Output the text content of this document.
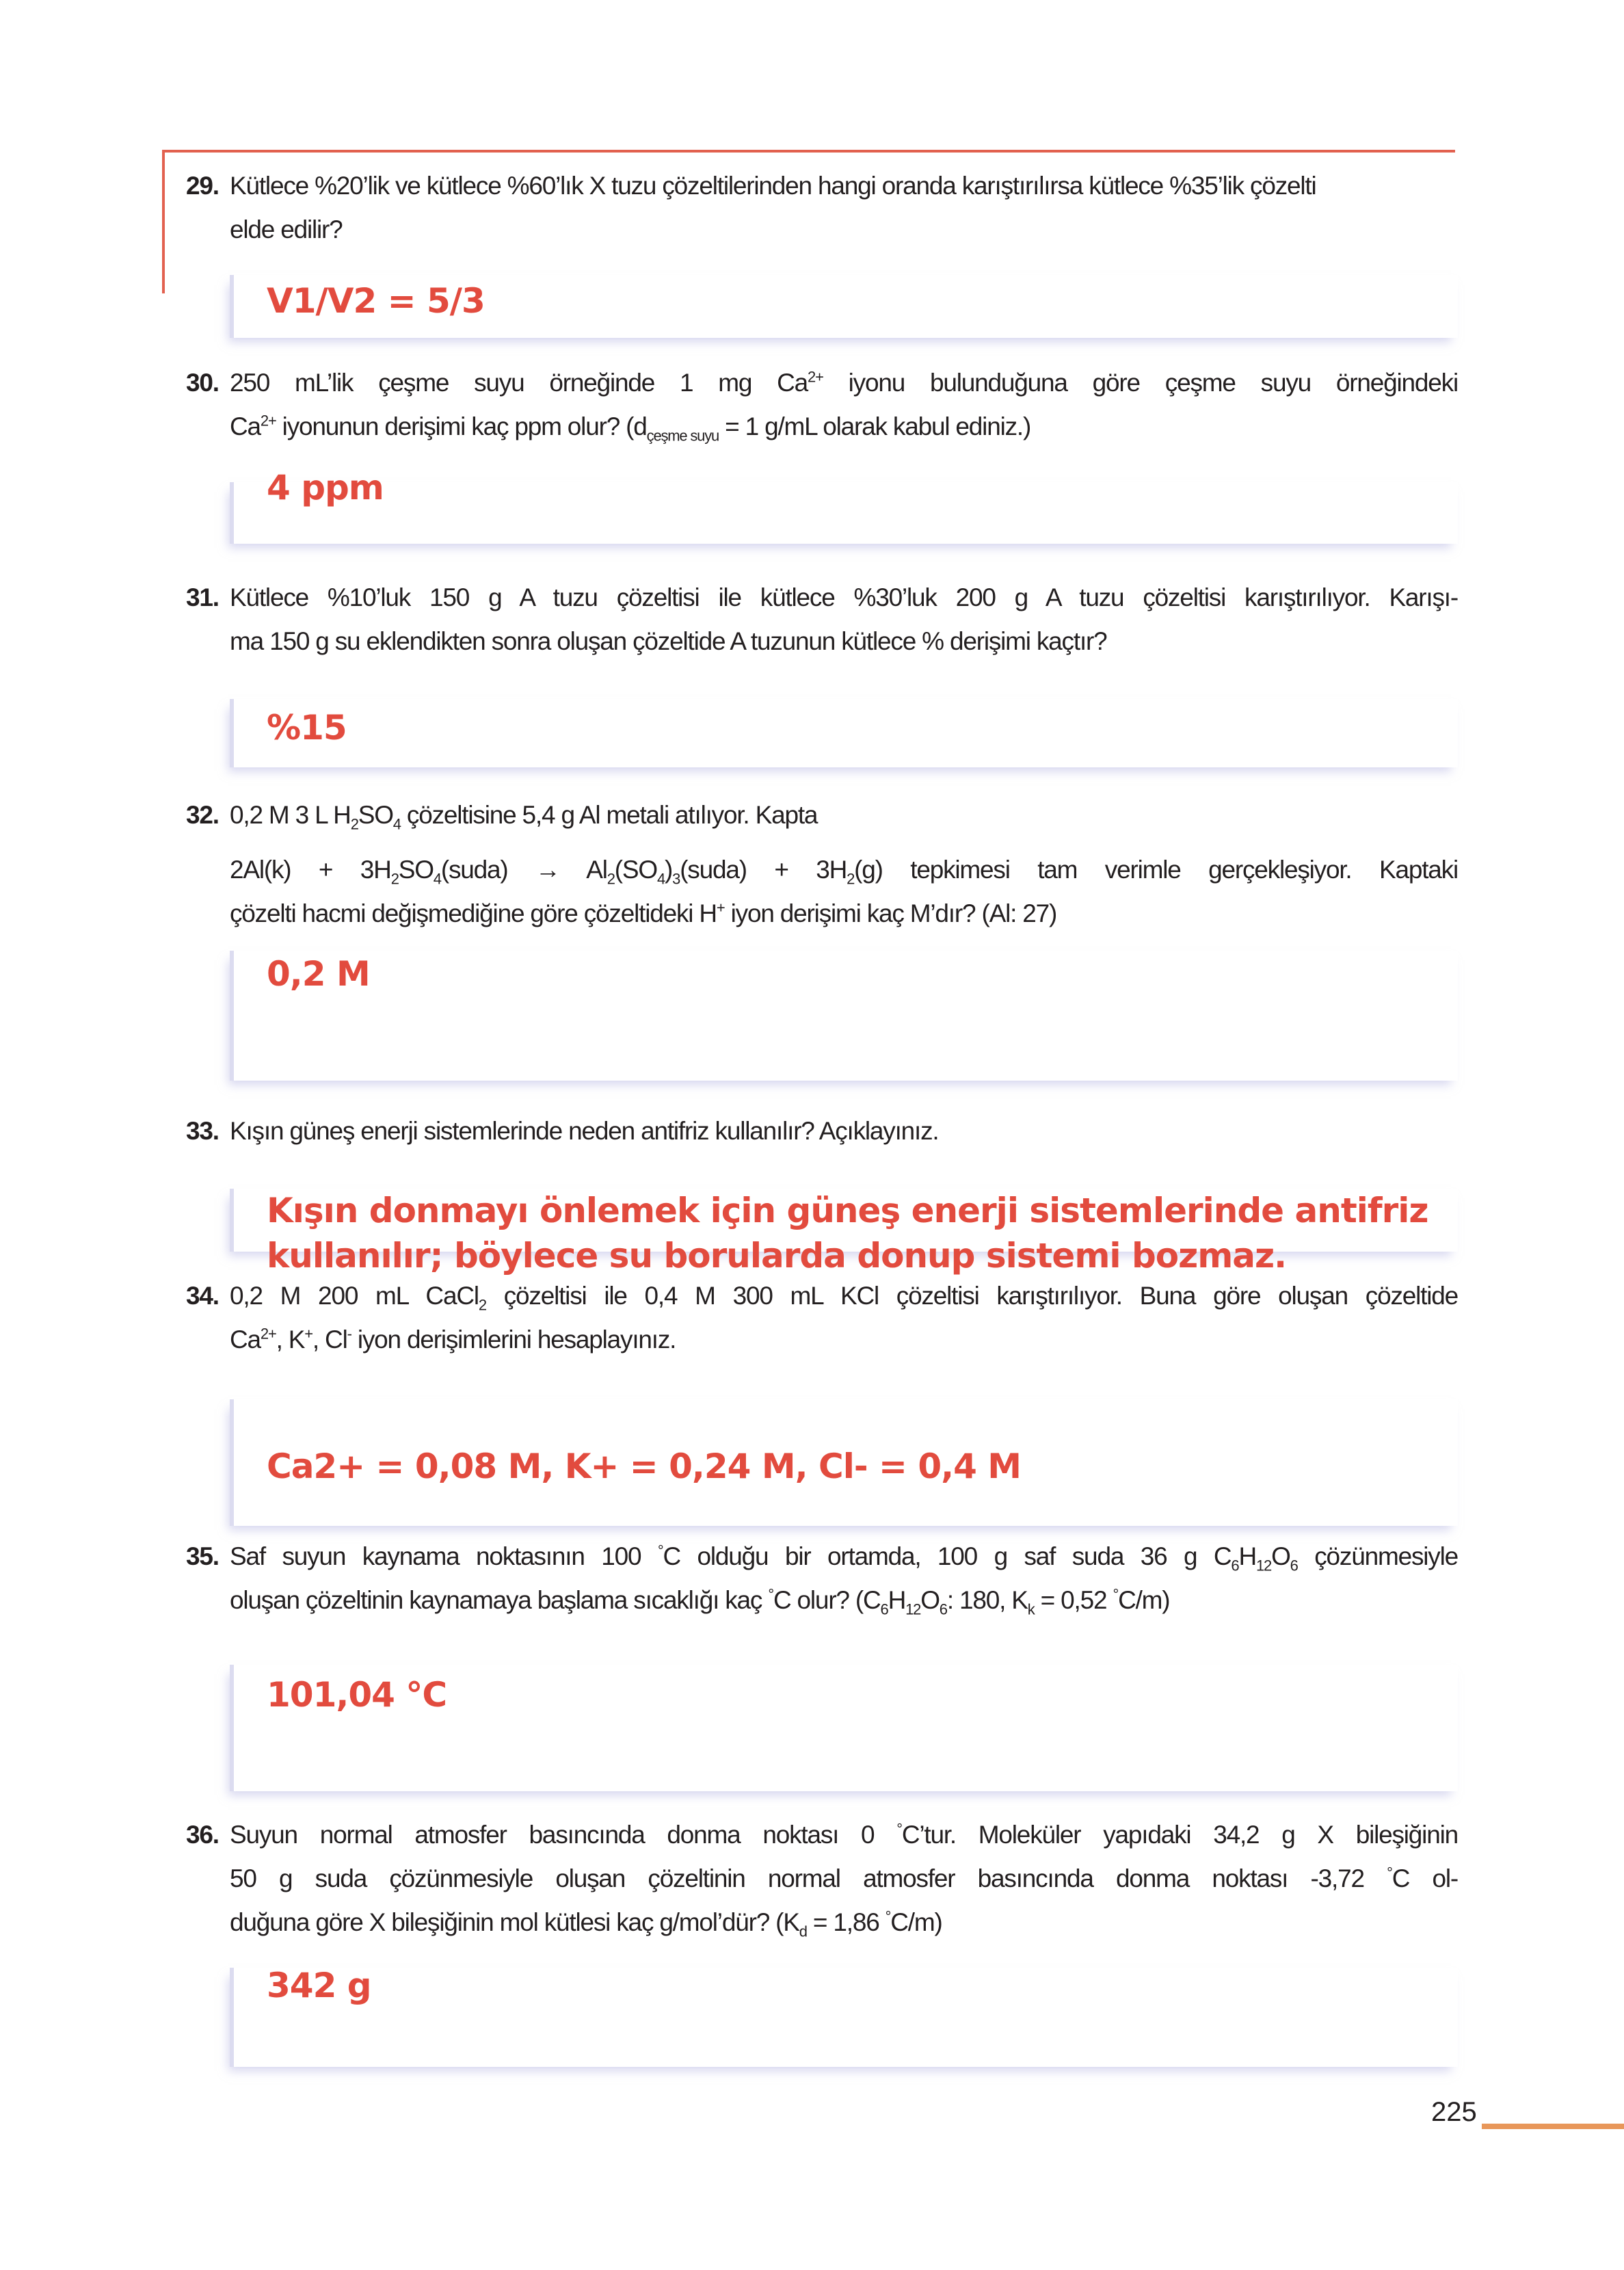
29. Kütlece %20’lik ve kütlece %60’lık X tuzu çözeltilerinden hangi oranda karıştırılırsa kütlece %35’lik çözelti
elde edilir?
V1/V2 = 5/3
30. 250 mL’lik çeşme suyu örneğinde 1 mg $Ca^{2+}$ iyonu bulunduğuna göre çeşme suyu örneğindeki
$Ca^{2+}$ iyonunun derişimi kaç ppm olur? ($d_{çeşme suyu} = 1$ g/mL olarak kabul ediniz.)
4 ppm
31. Kütlece %10’luk 150 g A tuzu çözeltisi ile kütlece %30’luk 200 g A tuzu çözeltisi karıştırılıyor. Karışı-
ma 150 g su eklendikten sonra oluşan çözeltide A tuzunun kütlece % derişimi kaçtır?
%15
32. 0,2 M 3 L $H_2SO_4$ çözeltisine 5,4 g Al metali atılıyor. Kapta
$2Al(k) + 3H_2SO_4(suda)$ → $Al_2(SO_4)_3(suda) + 3H_2(g)$ tepkimesi tam verimle gerçekleşiyor. Kaptaki
çözelti hacmi değişmediğine göre çözeltideki H+ iyon derişimi kaç M’dır? (Al: 27)
0,2 M
33. Kışın güneş enerji sistemlerinde neden antifriz kullanılır? Açıklayınız.
Kışın donmayı önlemek için güneş enerji sistemlerinde antifriz
kullanılır; böylece su borularda donup sistemi bozmaz.
34. 0,2 M 200 mL CaCl$_2$ çözeltisi ile 0,4 M 300 mL KCl çözeltisi karıştırılıyor. Buna göre oluşan çözeltide
$Ca^{2+}$, K+, Cl- iyon derişimlerini hesaplayınız.
Ca2+ = 0,08 M, K+ = 0,24 M, Cl- = 0,4 M
35. Saf suyun kaynama noktasının 100 °C olduğu bir ortamda, 100 g saf suda 36 g $C_6H_{12}O_6$ çözünmesiyle
oluşan çözeltinin kaynamaya başlama sıcaklığı kaç °C olur? ($C_6H_{12}O_6$: 180, $K_k = 0,52$ °C/m)
101,04 °C
36. Suyun normal atmosfer basıncında donma noktası 0 °C’tur. Moleküler yapıdaki 34,2 g X bileşiğinin
50 g suda çözünmesiyle oluşan çözeltinin normal atmosfer basıncında donma noktası -3,72 °C ol-
duğuna göre X bileşiğinin mol kütlesi kaç g/mol’dür? ($K_d = 1,86$ °C/m)
342 g
225
